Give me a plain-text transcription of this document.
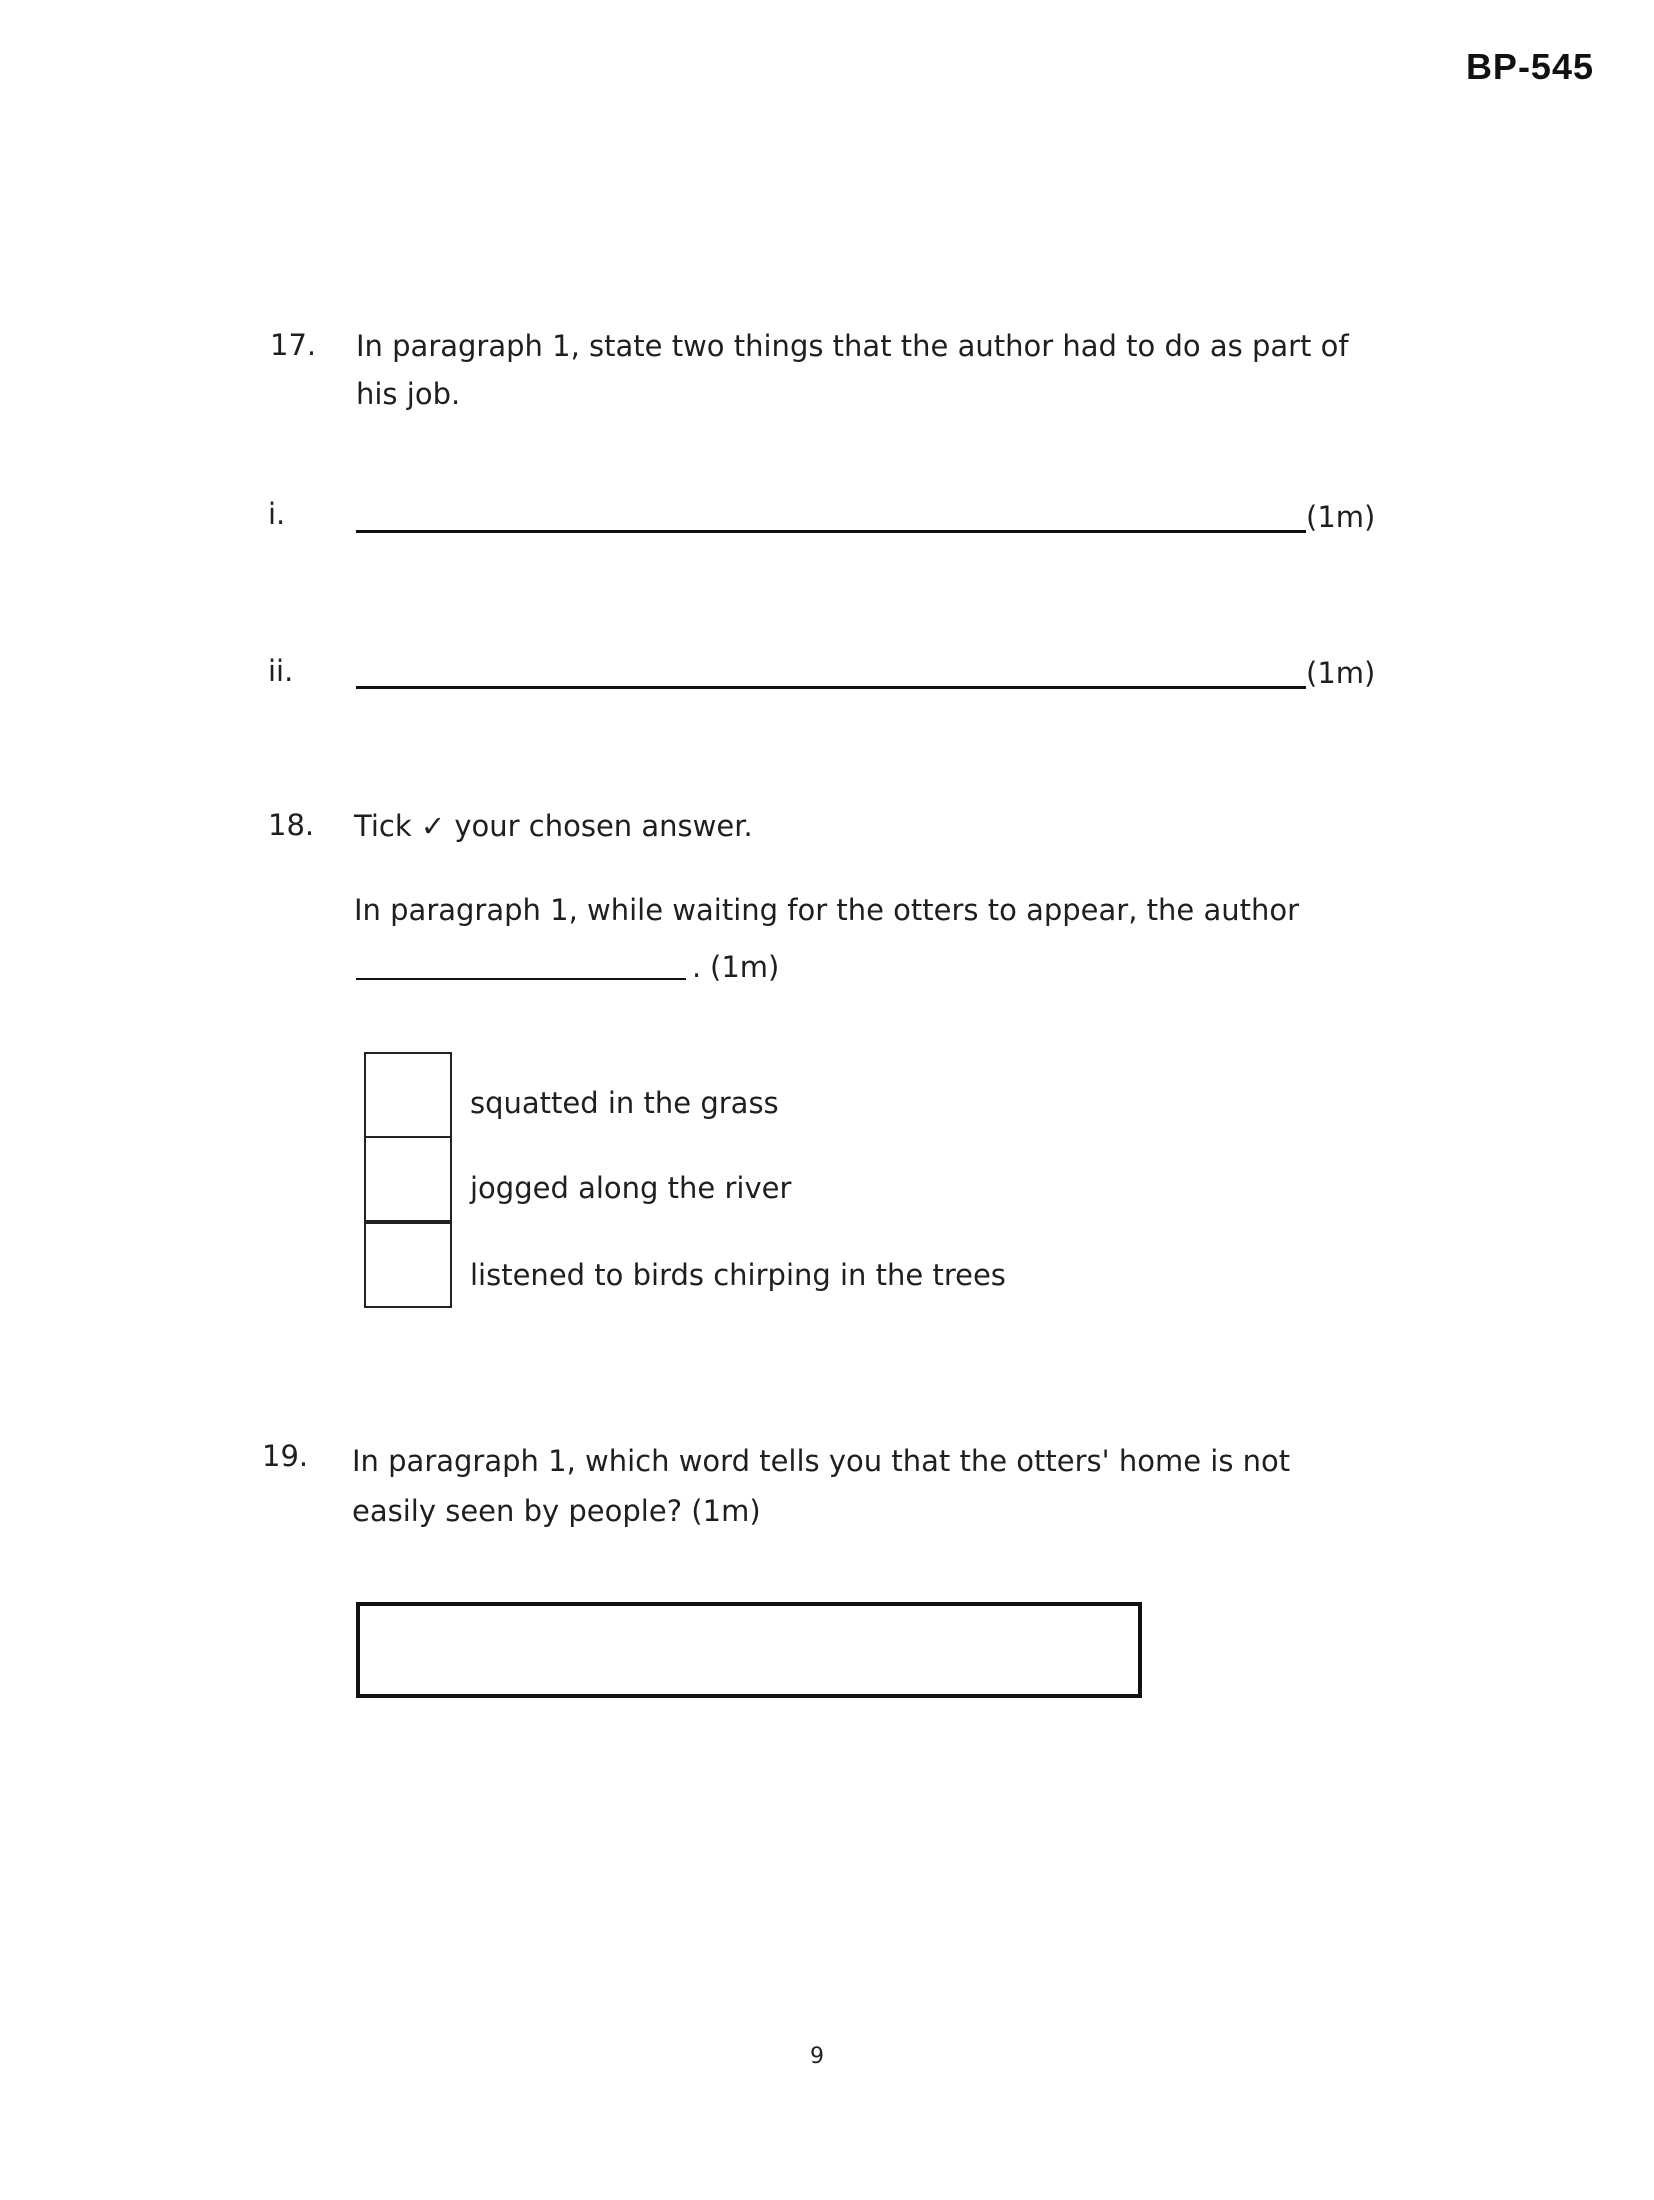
BP-545
17. In paragraph 1, state two things that the author had to do as part of his job.
i.	(1m)
ii.	(1m)
18. Tick ✓ your chosen answer.
In paragraph 1, while waiting for the otters to appear, the author
. (1m)
squatted in the grass
jogged along the river
listened to birds chirping in the trees
19. In paragraph 1, which word tells you that the otters' home is not easily seen by people? (1m)
9
